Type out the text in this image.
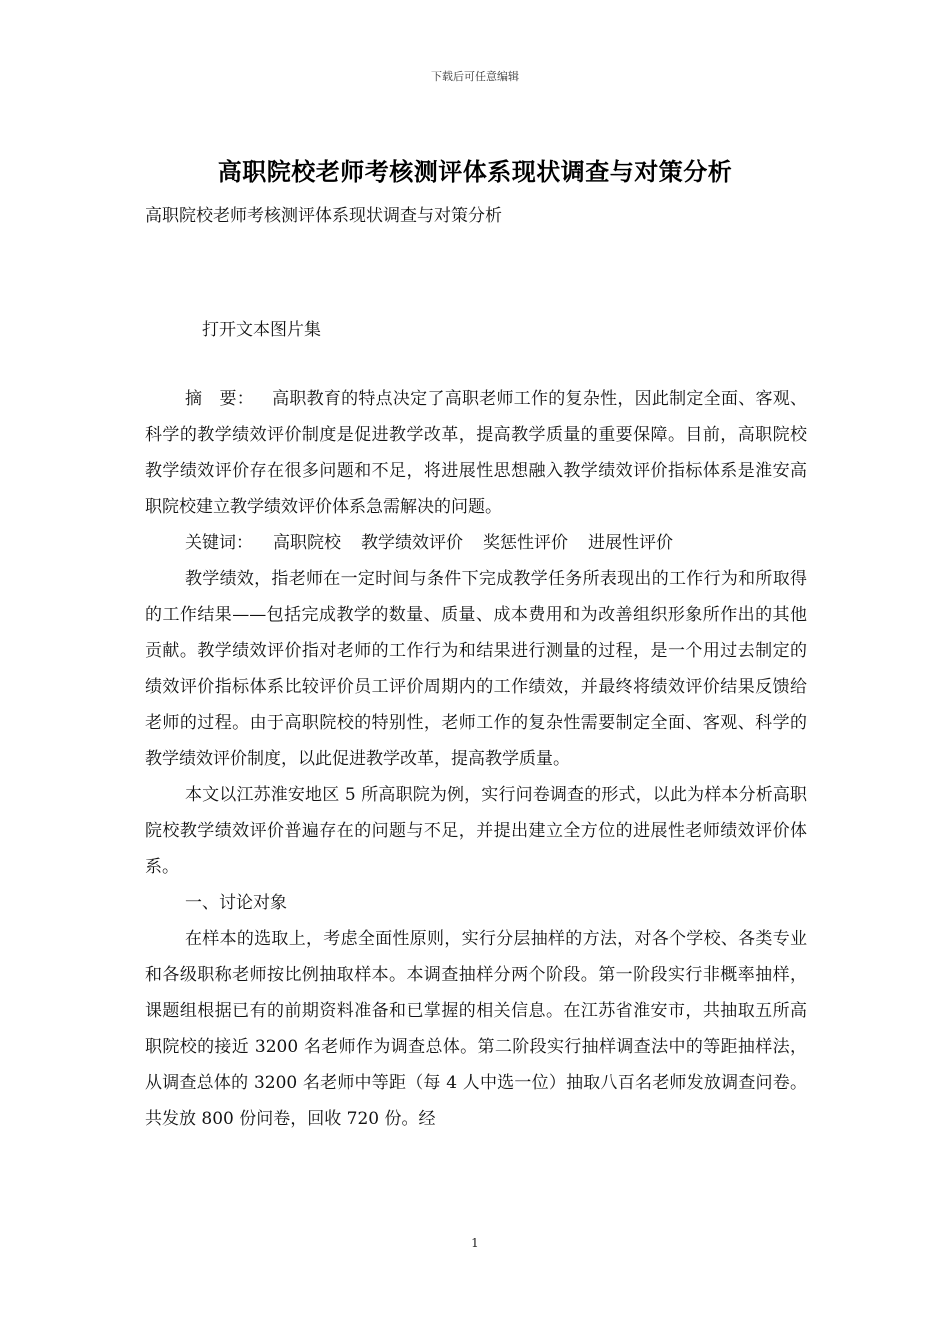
下载后可任意编辑
高职院校老师考核测评体系现状调查与对策分析
高职院校老师考核测评体系现状调查与对策分析
打开文本图片集

摘　要： 高职教育的特点决定了高职老师工作的复杂性，因此制定全面、客观、科学的教学绩效评价制度是促进教学改革，提高教学质量的重要保障。目前，高职院校教学绩效评价存在很多问题和不足，将进展性思想融入教学绩效评价指标体系是淮安高职院校建立教学绩效评价体系急需解决的问题。

关键词： 高职院校 教学绩效评价 奖惩性评价 进展性评价

教学绩效，指老师在一定时间与条件下完成教学任务所表现出的工作行为和所取得的工作结果——包括完成教学的数量、质量、成本费用和为改善组织形象所作出的其他贡献。教学绩效评价指对老师的工作行为和结果进行测量的过程，是一个用过去制定的绩效评价指标体系比较评价员工评价周期内的工作绩效，并最终将绩效评价结果反馈给老师的过程。由于高职院校的特别性，老师工作的复杂性需要制定全面、客观、科学的教学绩效评价制度，以此促进教学改革，提高教学质量。

本文以江苏淮安地区 5 所高职院为例，实行问卷调查的形式，以此为样本分析高职院校教学绩效评价普遍存在的问题与不足，并提出建立全方位的进展性老师绩效评价体系。

一、讨论对象

在样本的选取上，考虑全面性原则，实行分层抽样的方法，对各个学校、各类专业和各级职称老师按比例抽取样本。本调查抽样分两个阶段。第一阶段实行非概率抽样，课题组根据已有的前期资料准备和已掌握的相关信息。在江苏省淮安市，共抽取五所高职院校的接近 3200 名老师作为调查总体。第二阶段实行抽样调查法中的等距抽样法，从调查总体的 3200 名老师中等距（每 4 人中选一位）抽取八百名老师发放调查问卷。共发放 800 份问卷，回收 720 份。经

1
